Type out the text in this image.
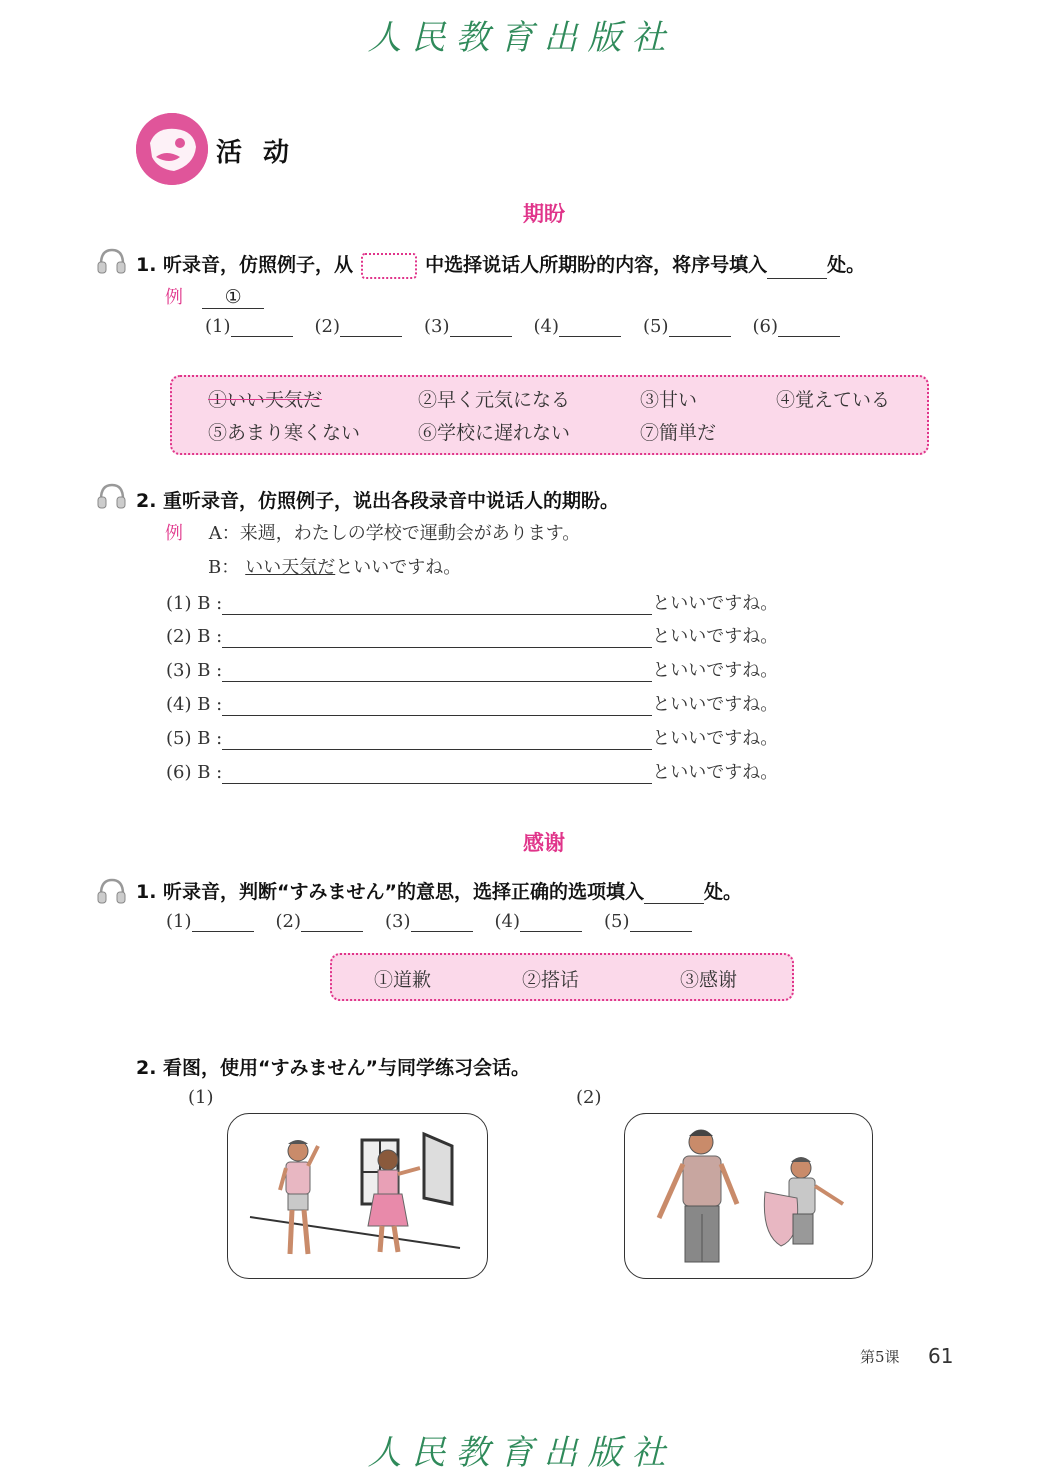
人民教育出版社
活 动
期盼
1. 听录音，仿照例子，从	中选择说话人所期盼的内容，将序号填入	处。
例 ①
(1)	(2)	(3)	(4)	(5)	(6)
①いい天気だ	②早く元気になる	③甘い	④覚えている
⑤あまり寒くない	⑥学校に遅れない	⑦簡単だ
2. 重听录音，仿照例子，说出各段录音中说话人的期盼。
例 A：来週，わたしの学校で運動会があります。
B： いい天気だといいですね。
(1) B :	といいですね。
(2) B :	といいですね。
(3) B :	といいですね。
(4) B :	といいですね。
(5) B :	といいですね。
(6) B :	といいですね。
感谢
1. 听录音，判断“すみません”的意思，选择正确的选项填入	处。
(1)	(2)	(3)	(4)	(5)
①道歉	②搭话	③感谢
2. 看图，使用“すみません”与同学练习会话。
(1)	(2)
第5课 61
人民教育出版社
